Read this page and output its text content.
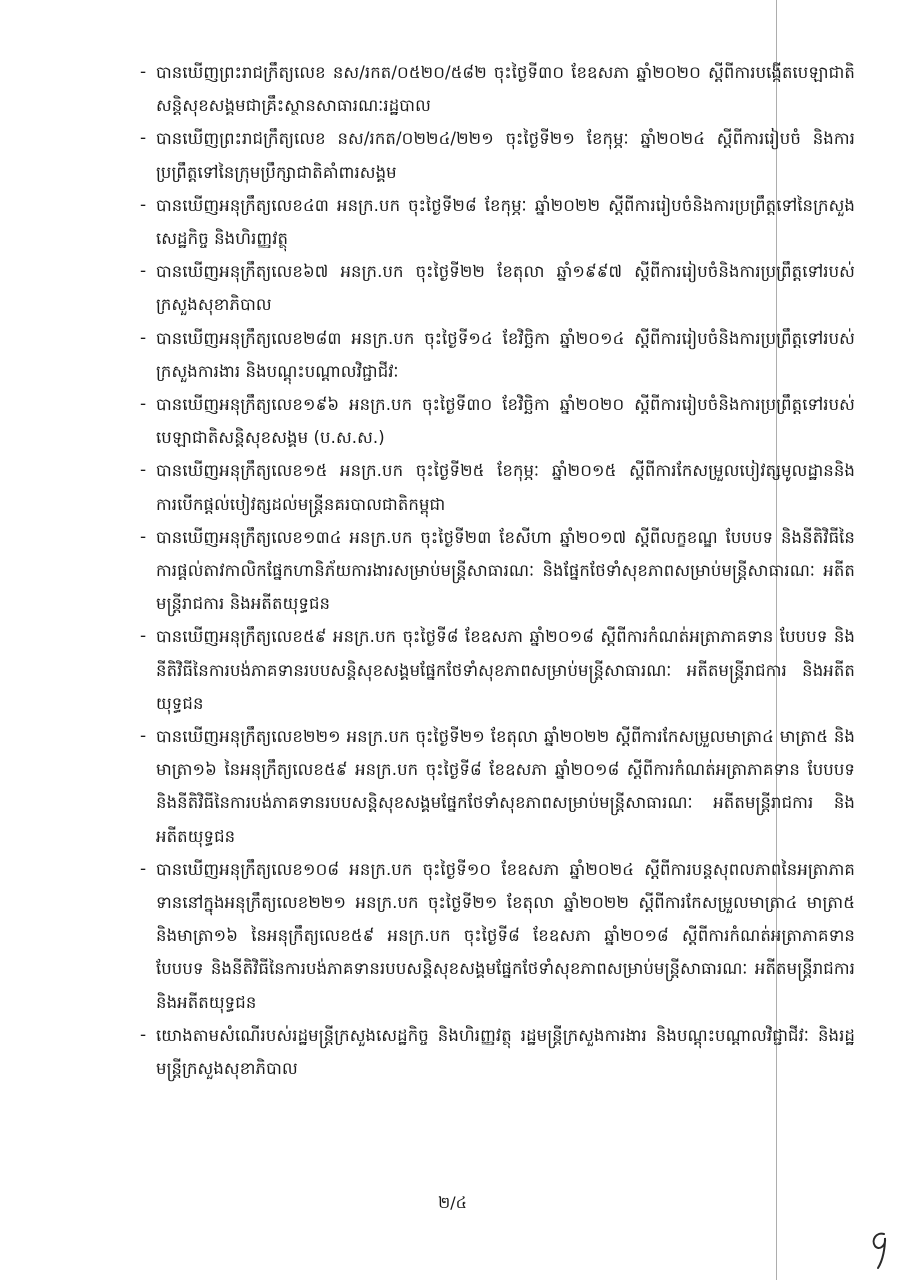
- បានឃើញព្រះរាជក្រឹត្យលេខ នស/រកត/០៥២០/៥៨២ ចុះថ្ងៃទី៣០ ខែឧសភា ឆ្នាំ២០២០ ស្តីពីការបង្កើតបេឡាជាតិសន្តិសុខសង្គមជាគ្រឹះស្ថានសាធារណៈរដ្ឋបាល
- បានឃើញព្រះរាជក្រឹត្យលេខ នស/រកត/០២២៤/២២១ ចុះថ្ងៃទី២១ ខែកុម្ភៈ ឆ្នាំ២០២៤ ស្តីពីការរៀបចំ និងការប្រព្រឹត្តទៅនៃក្រុមប្រឹក្សាជាតិគាំពារសង្គម
- បានឃើញអនុក្រឹត្យលេខ៤៣ អនក្រ.បក ចុះថ្ងៃទី២៨ ខែកុម្ភៈ ឆ្នាំ២០២២ ស្តីពីការរៀបចំនិងការប្រព្រឹត្តទៅនៃក្រសួងសេដ្ឋកិច្ច និងហិរញ្ញវត្ថុ
- បានឃើញអនុក្រឹត្យលេខ៦៧ អនក្រ.បក ចុះថ្ងៃទី២២ ខែតុលា ឆ្នាំ១៩៩៧ ស្តីពីការរៀបចំនិងការប្រព្រឹត្តទៅរបស់ក្រសួងសុខាភិបាល
- បានឃើញអនុក្រឹត្យលេខ២៨៣ អនក្រ.បក ចុះថ្ងៃទី១៤ ខែវិច្ឆិកា ឆ្នាំ២០១៤ ស្តីពីការរៀបចំនិងការប្រព្រឹត្តទៅរបស់ក្រសួងការងារ និងបណ្តុះបណ្តាលវិជ្ជាជីវៈ
- បានឃើញអនុក្រឹត្យលេខ១៩៦ អនក្រ.បក ចុះថ្ងៃទី៣០ ខែវិច្ឆិកា ឆ្នាំ២០២០ ស្តីពីការរៀបចំនិងការប្រព្រឹត្តទៅរបស់បេឡាជាតិសន្តិសុខសង្គម (ប.ស.ស.)
- បានឃើញអនុក្រឹត្យលេខ១៥ អនក្រ.បក ចុះថ្ងៃទី២៥ ខែកុម្ភៈ ឆ្នាំ២០១៥ ស្តីពីការកែសម្រួលបៀវត្សមូលដ្ឋាននិងការបើកផ្តល់បៀវត្សដល់មន្ត្រីនគរបាលជាតិកម្ពុជា
- បានឃើញអនុក្រឹត្យលេខ១៣៤ អនក្រ.បក ចុះថ្ងៃទី២៣ ខែសីហា ឆ្នាំ២០១៧ ស្តីពីលក្ខខណ្ឌ បែបបទ និងនីតិវិធីនៃការផ្តល់តាវកាលិកផ្នែកហានិភ័យការងារសម្រាប់មន្ត្រីសាធារណៈ និងផ្នែកថែទាំសុខភាពសម្រាប់មន្ត្រីសាធារណៈ អតីតមន្ត្រីរាជការ និងអតីតយុទ្ធជន
- បានឃើញអនុក្រឹត្យលេខ៥៩ អនក្រ.បក ចុះថ្ងៃទី៨ ខែឧសភា ឆ្នាំ២០១៨ ស្តីពីការកំណត់អត្រាភាគទាន បែបបទ និងនីតិវិធីនៃការបង់ភាគទានរបបសន្តិសុខសង្គមផ្នែកថែទាំសុខភាពសម្រាប់មន្ត្រីសាធារណៈ អតីតមន្ត្រីរាជការ និងអតីតយុទ្ធជន
- បានឃើញអនុក្រឹត្យលេខ២២១ អនក្រ.បក ចុះថ្ងៃទី២១ ខែតុលា ឆ្នាំ២០២២ ស្តីពីការកែសម្រួលមាត្រា៤ មាត្រា៥ និងមាត្រា១៦ នៃអនុក្រឹត្យលេខ៥៩ អនក្រ.បក ចុះថ្ងៃទី៨ ខែឧសភា ឆ្នាំ២០១៨ ស្តីពីការកំណត់អត្រាភាគទាន បែបបទ និងនីតិវិធីនៃការបង់ភាគទានរបបសន្តិសុខសង្គមផ្នែកថែទាំសុខភាពសម្រាប់មន្ត្រីសាធារណៈ អតីតមន្ត្រីរាជការ និងអតីតយុទ្ធជន
- បានឃើញអនុក្រឹត្យលេខ១០៨ អនក្រ.បក ចុះថ្ងៃទី១០ ខែឧសភា ឆ្នាំ២០២៤ ស្តីពីការបន្តសុពលភាពនៃអត្រាភាគទាននៅក្នុងអនុក្រឹត្យលេខ២២១ អនក្រ.បក ចុះថ្ងៃទី២១ ខែតុលា ឆ្នាំ២០២២ ស្តីពីការកែសម្រួលមាត្រា៤ មាត្រា៥ និងមាត្រា១៦ នៃអនុក្រឹត្យលេខ៥៩ អនក្រ.បក ចុះថ្ងៃទី៨ ខែឧសភា ឆ្នាំ២០១៨ ស្តីពីការកំណត់អត្រាភាគទាន បែបបទ និងនីតិវិធីនៃការបង់ភាគទានរបបសន្តិសុខសង្គមផ្នែកថែទាំសុខភាពសម្រាប់មន្ត្រីសាធារណៈ អតីតមន្ត្រីរាជការ និងអតីតយុទ្ធជន
- យោងតាមសំណើរបស់រដ្ឋមន្ត្រីក្រសួងសេដ្ឋកិច្ច និងហិរញ្ញវត្ថុ រដ្ឋមន្ត្រីក្រសួងការងារ និងបណ្តុះបណ្តាលវិជ្ជាជីវៈ និងរដ្ឋមន្ត្រីក្រសួងសុខាភិបាល
២/៤
